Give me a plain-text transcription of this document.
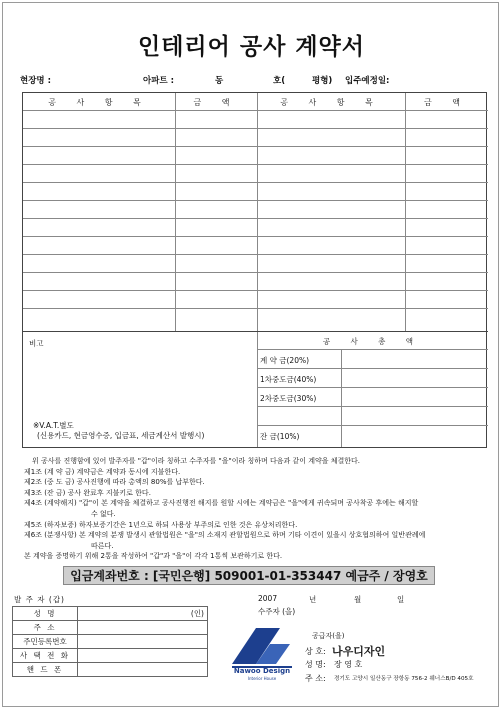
인테리어 공사 계약서
현장명 :	아파트 :	동	호(	평형) 입주예정일:
공 사 항 목	금 액	공 사 항 목	금 액
비고	공 사 총 액
계 약 금(20%)
1차중도금(40%)
2차중도금(30%)
잔 금(10%)
※V.A.T.별도
(신용카드, 현금영수증, 입금표, 세금계산서 발행시)
위 공사를 진행함에 있어 발주자를 "갑"이라 칭하고 수주자를 "을"이라 칭하며 다음과 같이 계약을 체결한다.
제1조 (계 약 금) 계약금은 계약과 동시에 지불한다.
제2조 (중 도 금) 공사진행에 따라 총액의 80%를 납부한다.
제3조 (잔 금) 공사 완료후 지불키로 한다.
제4조 (계약해지) "갑"이 본 계약을 체결하고 공사진행전 해지를 원할 시에는 계약금은 "을"에게 귀속되며 공사착공 후에는 해지할
수 없다.
제5조 (하자보증) 하자보증기간은 1년으로 하되 사용상 부주의로 인한 것은 유상처리한다.
제6조 (분쟁사항) 본 계약의 분쟁 발생시 관할법원은 "을"의 소재지 관할법원으로 하며 기타 이견이 있을시 상호협의하여 일반관례에
따른다.
본 계약을 증명하기 위해 2통을 작성하여 "갑"과 "을"이 각각 1통씩 보관하기로 한다.
입금계좌번호 : [국민은행] 509001-01-353447 예금주 / 장영호
발 주 자 (갑)
성 명	(인)
주 소	
주민등록번호	
사 택 전 화	
핸 드 폰	
2007	년	월	일
수주자 (을)
Nawoo Design
Interior House
공급자(을)
상 호: 나우디자인
성 명: 장 영 호
주 소: 경기도 고양시 일산동구 장항동 756-2 웨너스B/D 405호
